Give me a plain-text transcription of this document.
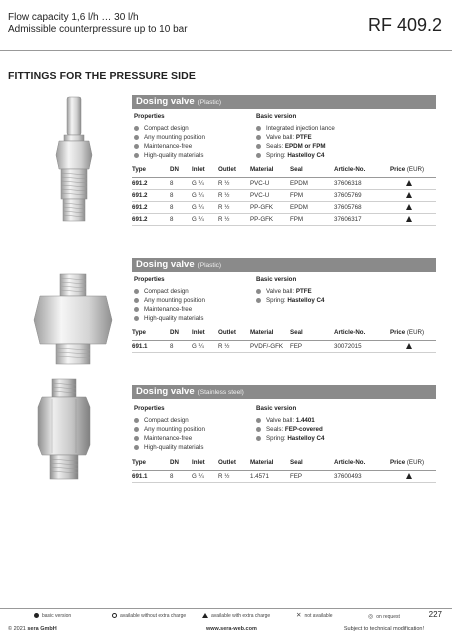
Flow capacity 1,6 l/h … 30 l/h
Admissible counterpressure up to 10 bar	RF 409.2
FITTINGS FOR THE PRESSURE SIDE
Dosing valve (Plastic)
Properties
Compact design
Any mounting position
Maintenance-free
High-quality materials
Basic version
Integrated injection lance
Valve ball: PTFE
Seals: EPDM or FPM
Spring: Hastelloy C4
Type	DN	Inlet	Outlet	Material	Seal	Article-No.	Price (EUR)
691.2	8	G ¼	R ½	PVC-U	EPDM	37606318	
691.2	8	G ¼	R ½	PVC-U	FPM	37605769	
691.2	8	G ¼	R ½	PP-GFK	EPDM	37605768	
691.2	8	G ¼	R ½	PP-GFK	FPM	37606317	
Dosing valve (Plastic)
Properties
Compact design
Any mounting position
Maintenance-free
High-quality materials
Basic version
Valve ball: PTFE
Spring: Hastelloy C4
Type	DN	Inlet	Outlet	Material	Seal	Article-No.	Price (EUR)
691.1	8	G ¼	R ½	PVDF/-GFK	FEP	30072015	
Dosing valve (Stainless steel)
Properties
Compact design
Any mounting position
Maintenance-free
High-quality materials
Basic version
Valve ball: 1.4401
Seals: FEP-covered
Spring: Hastelloy C4
Type	DN	Inlet	Outlet	Material	Seal	Article-No.	Price (EUR)
691.1	8	G ¼	R ½	1.4571	FEP	37600493	
basic version	available without extra charge	available with extra charge	✕ not available	◎ on request	227
© 2021 sera GmbH	www.sera-web.com	Subject to technical modification!
